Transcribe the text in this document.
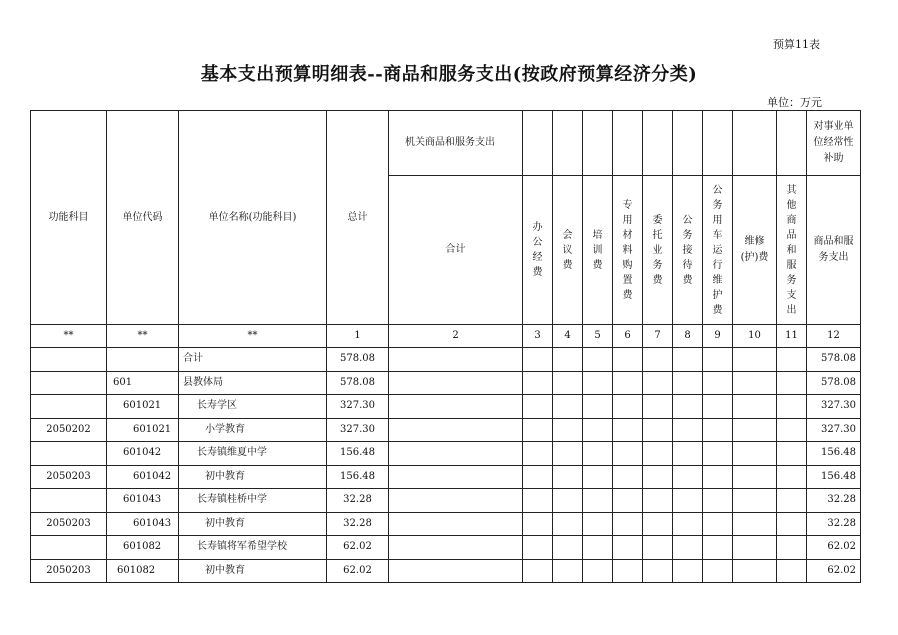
预算11表
基本支出预算明细表--商品和服务支出(按政府预算经济分类)
单位：万元
功能科目	单位代码	单位名称(功能科目)	总计	机关商品和服务支出										对事业单位经常性补助

				合计	办公经费	会议费	培训费	专用材料购置费	委托业务费	公务接待费	公务用车运行维护费	维修(护)费	其他商品和服务支出	商品和服务支出

**	**	**	1	2	3	4	5	6	7	8	9	10	11	12
		合计	578.08											578.08
	601	县教体局	578.08											578.08
	601021	长寿学区	327.30											327.30
2050202	601021	小学教育	327.30											327.30
	601042	长寿镇维夏中学	156.48											156.48
2050203	601042	初中教育	156.48											156.48
	601043	长寿镇桂桥中学	32.28											32.28
2050203	601043	初中教育	32.28											32.28
	601082	长寿镇将军希望学校	62.02											62.02
2050203	601082	初中教育	62.02											62.02
